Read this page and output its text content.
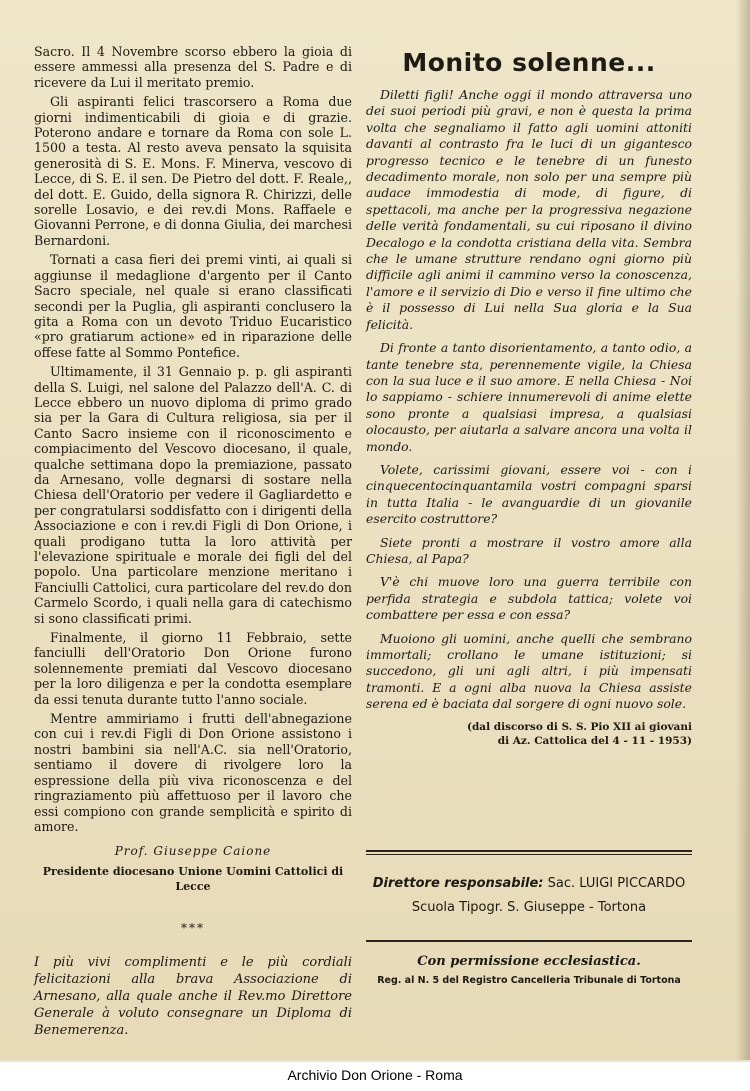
Sacro. Il 4 Novembre scorso ebbero la gioia di essere ammessi alla presenza del S. Padre e di ricevere da Lui il meritato premio.

Gli aspiranti felici trascorsero a Roma due giorni indimenticabili di gioia e di grazie. Poterono andare e tornare da Roma con sole L. 1500 a testa. Al resto aveva pensato la squisita generosità di S. E. Mons. F. Minerva, vescovo di Lecce, di S. E. il sen. De Pietro del dott. F. Reale,, del dott. E. Guido, della signora R. Chirizzi, delle sorelle Losavio, e dei rev.di Mons. Raffaele e Giovanni Perrone, e di donna Giulia, dei marchesi Bernardoni.

Tornati a casa fieri dei premi vinti, ai quali si aggiunse il medaglione d'argento per il Canto Sacro speciale, nel quale si erano classificati secondi per la Puglia, gli aspiranti conclusero la gita a Roma con un devoto Triduo Eucaristico «pro gratiarum actione» ed in riparazione delle offese fatte al Sommo Pontefice.

Ultimamente, il 31 Gennaio p. p. gli aspiranti della S. Luigi, nel salone del Palazzo dell'A. C. di Lecce ebbero un nuovo diploma di primo grado sia per la Gara di Cultura religiosa, sia per il Canto Sacro insieme con il riconoscimento e compiacimento del Vescovo diocesano, il quale, qualche settimana dopo la premiazione, passato da Arnesano, volle degnarsi di sostare nella Chiesa dell'Oratorio per vedere il Gagliardetto e per congratularsi soddisfatto con i dirigenti della Associazione e con i rev.di Figli di Don Orione, i quali prodigano tutta la loro attività per l'elevazione spirituale e morale dei figli del del popolo. Una particolare menzione meritano i Fanciulli Cattolici, cura particolare del rev.do don Carmelo Scordo, i quali nella gara di catechismo si sono classificati primi.

Finalmente, il giorno 11 Febbraio, sette fanciulli dell'Oratorio Don Orione furono solennemente premiati dal Vescovo diocesano per la loro diligenza e per la condotta esemplare da essi tenuta durante tutto l'anno sociale.

Mentre ammiriamo i frutti dell'abnegazione con cui i rev.di Figli di Don Orione assistono i nostri bambini sia nell'A.C. sia nell'Oratorio, sentiamo il dovere di rivolgere loro la espressione della più viva riconoscenza e del ringraziamento più affettuoso per il lavoro che essi compiono con grande semplicità e spirito di amore.

Prof. Giuseppe Caione
Presidente diocesano Unione Uomini Cattolici di Lecce
***
I più vivi complimenti e le più cordiali felicitazioni alla brava Associazione di Arnesano, alla quale anche il Rev.mo Direttore Generale à voluto consegnare un Diploma di Benemerenza.
Monito solenne...

Diletti figli! Anche oggi il mondo attraversa uno dei suoi periodi più gravi, e non è questa la prima volta che segnaliamo il fatto agli uomini attoniti davanti al contrasto fra le luci di un gigantesco progresso tecnico e le tenebre di un funesto decadimento morale, non solo per una sempre più audace immodestia di mode, di figure, di spettacoli, ma anche per la progressiva negazione delle verità fondamentali, su cui riposano il divino Decalogo e la condotta cristiana della vita. Sembra che le umane strutture rendano ogni giorno più difficile agli animi il cammino verso la conoscenza, l'amore e il servizio di Dio e verso il fine ultimo che è il possesso di Lui nella Sua gloria e la Sua felicità.

Di fronte a tanto disorientamento, a tanto odio, a tante tenebre sta, perennemente vigile, la Chiesa con la sua luce e il suo amore. E nella Chiesa - Noi lo sappiamo - schiere innumerevoli di anime elette sono pronte a qualsiasi impresa, a qualsiasi olocausto, per aiutarla a salvare ancora una volta il mondo.

Volete, carissimi giovani, essere voi - con i cinquecentocinquantamila vostri compagni sparsi in tutta Italia - le avanguardie di un giovanile esercito costruttore?

Siete pronti a mostrare il vostro amore alla Chiesa, al Papa?

V'è chi muove loro una guerra terribile con perfida strategia e subdola tattica; volete voi combattere per essa e con essa?

Muoiono gli uomini, anche quelli che sembrano immortali; crollano le umane istituzioni; si succedono, gli uni agli altri, i più impensati tramonti. E a ogni alba nuova la Chiesa assiste serena ed è baciata dal sorgere di ogni nuovo sole.

(dal discorso di S. S. Pio XII ai giovani
di Az. Cattolica del 4 - 11 - 1953)
Direttore responsabile: Sac. LUIGI PICCARDO
Scuola Tipogr. S. Giuseppe - Tortona
Con permissione ecclesiastica.
Reg. al N. 5 del Registro Cancelleria Tribunale di Tortona
Archivio Don Orione - Roma
